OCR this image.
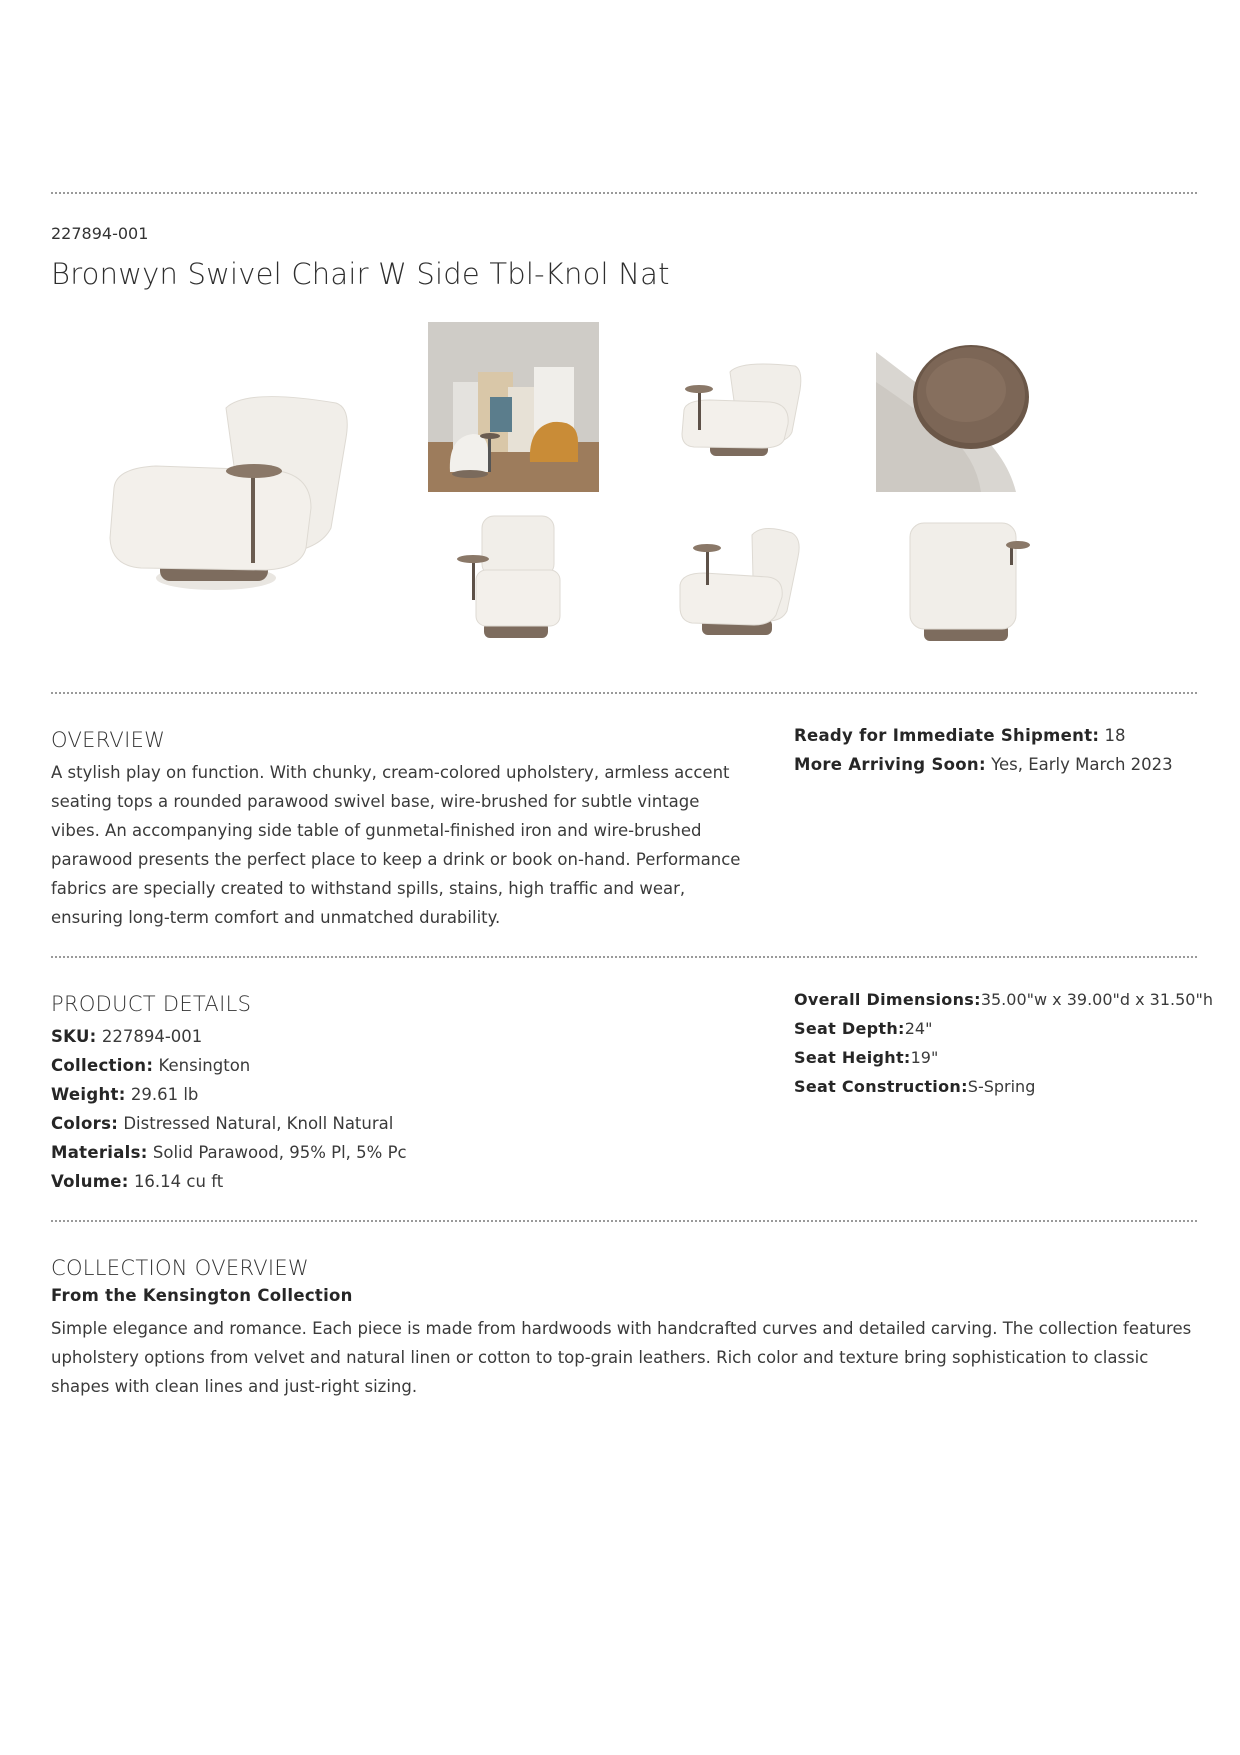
227894-001
Bronwyn Swivel Chair W Side Tbl-Knol Nat
OVERVIEW
A stylish play on function. With chunky, cream-colored upholstery, armless accent seating tops a rounded parawood swivel base, wire-brushed for subtle vintage vibes. An accompanying side table of gunmetal-finished iron and wire-brushed parawood presents the perfect place to keep a drink or book on-hand. Performance fabrics are specially created to withstand spills, stains, high traffic and wear, ensuring long-term comfort and unmatched durability.
Ready for Immediate Shipment: 18
More Arriving Soon: Yes, Early March 2023
PRODUCT DETAILS
SKU: 227894-001
Collection: Kensington
Weight: 29.61 lb
Colors: Distressed Natural, Knoll Natural
Materials: Solid Parawood, 95% Pl, 5% Pc
Volume: 16.14 cu ft
Overall Dimensions:35.00"w x 39.00"d x 31.50"h
Seat Depth:24"
Seat Height:19"
Seat Construction:S-Spring
COLLECTION OVERVIEW
From the Kensington Collection
Simple elegance and romance. Each piece is made from hardwoods with handcrafted curves and detailed carving. The collection features upholstery options from velvet and natural linen or cotton to top-grain leathers. Rich color and texture bring sophistication to classic shapes with clean lines and just-right sizing.
